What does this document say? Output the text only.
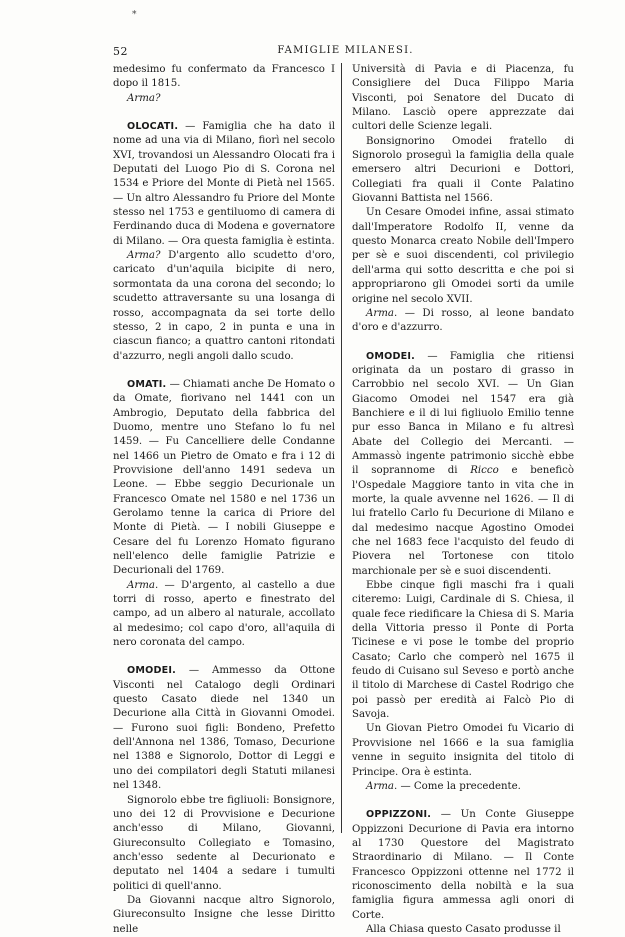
*
52	FAMIGLIE MILANESI.

medesimo fu confermato da Francesco I dopo il 1815.

Arma?

OLOCATI. — Famiglia che ha dato il nome ad una via di Milano, fiorì nel secolo XVI, trovandosi un Alessandro Olocati fra i Deputati del Luogo Pio di S. Corona nel 1534 e Priore del Monte di Pietà nel 1565. — Un altro Alessandro fu Priore del Monte stesso nel 1753 e gentiluomo di camera di Ferdinando duca di Modena e governatore di Milano. — Ora questa famiglia è estinta.

Arma? D'argento allo scudetto d'oro, caricato d'un'aquila bicipite di nero, sormontata da una corona del secondo; lo scudetto attraversante su una losanga di rosso, accompagnata da sei torte dello stesso, 2 in capo, 2 in punta e una in ciascun fianco; a quattro cantoni ritondati d'azzurro, negli angoli dallo scudo.

OMATI. — Chiamati anche De Homato o da Omate, fiorivano nel 1441 con un Ambrogio, Deputato della fabbrica del Duomo, mentre uno Stefano lo fu nel 1459. — Fu Cancelliere delle Condanne nel 1466 un Pietro de Omato e fra i 12 di Provvisione dell'anno 1491 sedeva un Leone. — Ebbe seggio Decurionale un Francesco Omate nel 1580 e nel 1736 un Gerolamo tenne la carica di Priore del Monte di Pietà. — I nobili Giuseppe e Cesare del fu Lorenzo Homato figurano nell'elenco delle famiglie Patrizie e Decurionali del 1769.

Arma. — D'argento, al castello a due torri di rosso, aperto e finestrato del campo, ad un albero al naturale, accollato al medesimo; col capo d'oro, all'aquila di nero coronata del campo.

OMODEI. — Ammesso da Ottone Visconti nel Catalogo degli Ordinari questo Casato diede nel 1340 un Decurione alla Città in Giovanni Omodei. — Furono suoi figli: Bondeno, Prefetto dell'Annona nel 1386, Tomaso, Decurione nel 1388 e Signorolo, Dottor di Leggi e uno dei compilatori degli Statuti milanesi nel 1348.

Signorolo ebbe tre figliuoli: Bonsignore, uno dei 12 di Provvisione e Decurione anch'esso di Milano, Giovanni, Giureconsulto Collegiato e Tomasino, anch'esso sedente al Decurionato e deputato nel 1404 a sedare i tumulti politici di quell'anno.

Da Giovanni nacque altro Signorolo, Giureconsulto Insigne che lesse Diritto nelle

Università di Pavia e di Piacenza, fu Consigliere del Duca Filippo Maria Visconti, poi Senatore del Ducato di Milano. Lasciò opere apprezzate dai cultori delle Scienze legali.

Bonsignorino Omodei fratello di Signorolo proseguì la famiglia della quale emersero altri Decurioni e Dottori, Collegiati fra quali il Conte Palatino Giovanni Battista nel 1566.

Un Cesare Omodei infine, assai stimato dall'Imperatore Rodolfo II, venne da questo Monarca creato Nobile dell'Impero per sè e suoi discendenti, col privilegio dell'arma qui sotto descritta e che poi si appropriarono gli Omodei sorti da umile origine nel secolo XVII.

Arma. — Di rosso, al leone bandato d'oro e d'azzurro.

OMODEI. — Famiglia che ritiensi originata da un postaro di grasso in Carrobbio nel secolo XVI. — Un Gian Giacomo Omodei nel 1547 era già Banchiere e il di lui figliuolo Emilio tenne pur esso Banca in Milano e fu altresì Abate del Collegio dei Mercanti. — Ammassò ingente patrimonio sicchè ebbe il soprannome di Ricco e beneficò l'Ospedale Maggiore tanto in vita che in morte, la quale avvenne nel 1626. — Il di lui fratello Carlo fu Decurione di Milano e dal medesimo nacque Agostino Omodei che nel 1683 fece l'acquisto del feudo di Piovera nel Tortonese con titolo marchionale per sè e suoi discendenti.

Ebbe cinque figli maschi fra i quali citeremo: Luigi, Cardinale di S. Chiesa, il quale fece riedificare la Chiesa di S. Maria della Vittoria presso il Ponte di Porta Ticinese e vi pose le tombe del proprio Casato; Carlo che comperò nel 1675 il feudo di Cuisano sul Seveso e portò anche il titolo di Marchese di Castel Rodrigo che poi passò per eredità ai Falcò Pio di Savoja.

Un Giovan Pietro Omodei fu Vicario di Provvisione nel 1666 e la sua famiglia venne in seguito insignita del titolo di Principe. Ora è estinta.

Arma. — Come la precedente.

OPPIZZONI. — Un Conte Giuseppe Oppizzoni Decurione di Pavia era intorno al 1730 Questore del Magistrato Straordinario di Milano. — Il Conte Francesco Oppizzoni ottenne nel 1772 il riconoscimento della nobiltà e la sua famiglia figura ammessa agli onori di Corte.

Alla Chiasa questo Casato produsse il
